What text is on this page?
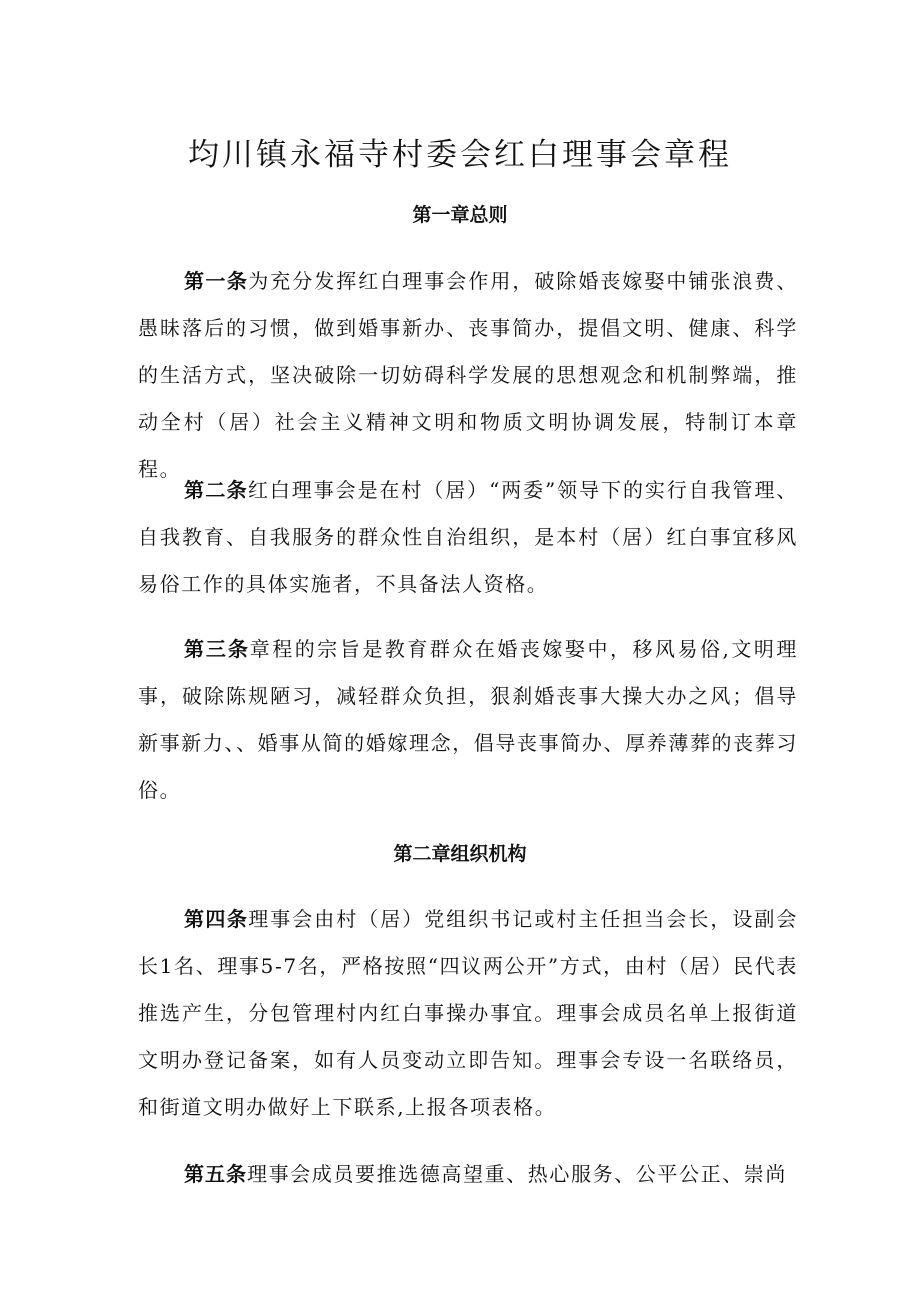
均川镇永福寺村委会红白理事会章程
第一章总则

第一条为充分发挥红白理事会作用，破除婚丧嫁娶中铺张浪费、愚昧落后的习惯，做到婚事新办、丧事简办，提倡文明、健康、科学的生活方式，坚决破除一切妨碍科学发展的思想观念和机制弊端，推动全村（居）社会主义精神文明和物质文明协调发展，特制订本章程。

第二条红白理事会是在村（居）“两委”领导下的实行自我管理、自我教育、自我服务的群众性自治组织，是本村（居）红白事宜移风易俗工作的具体实施者，不具备法人资格。

第三条章程的宗旨是教育群众在婚丧嫁娶中，移风易俗,文明理事，破除陈规陋习，减轻群众负担，狠刹婚丧事大操大办之风；倡导新事新力、、婚事从简的婚嫁理念，倡导丧事简办、厚养薄葬的丧葬习俗。

第二章组织机构

第四条理事会由村（居）党组织书记或村主任担当会长，设副会长1名、理事5-7名，严格按照“四议两公开”方式，由村（居）民代表推选产生，分包管理村内红白事操办事宜。理事会成员名单上报街道文明办登记备案，如有人员变动立即告知。理事会专设一名联络员，和街道文明办做好上下联系,上报各项表格。

第五条理事会成员要推选德高望重、热心服务、公平公正、崇尚
